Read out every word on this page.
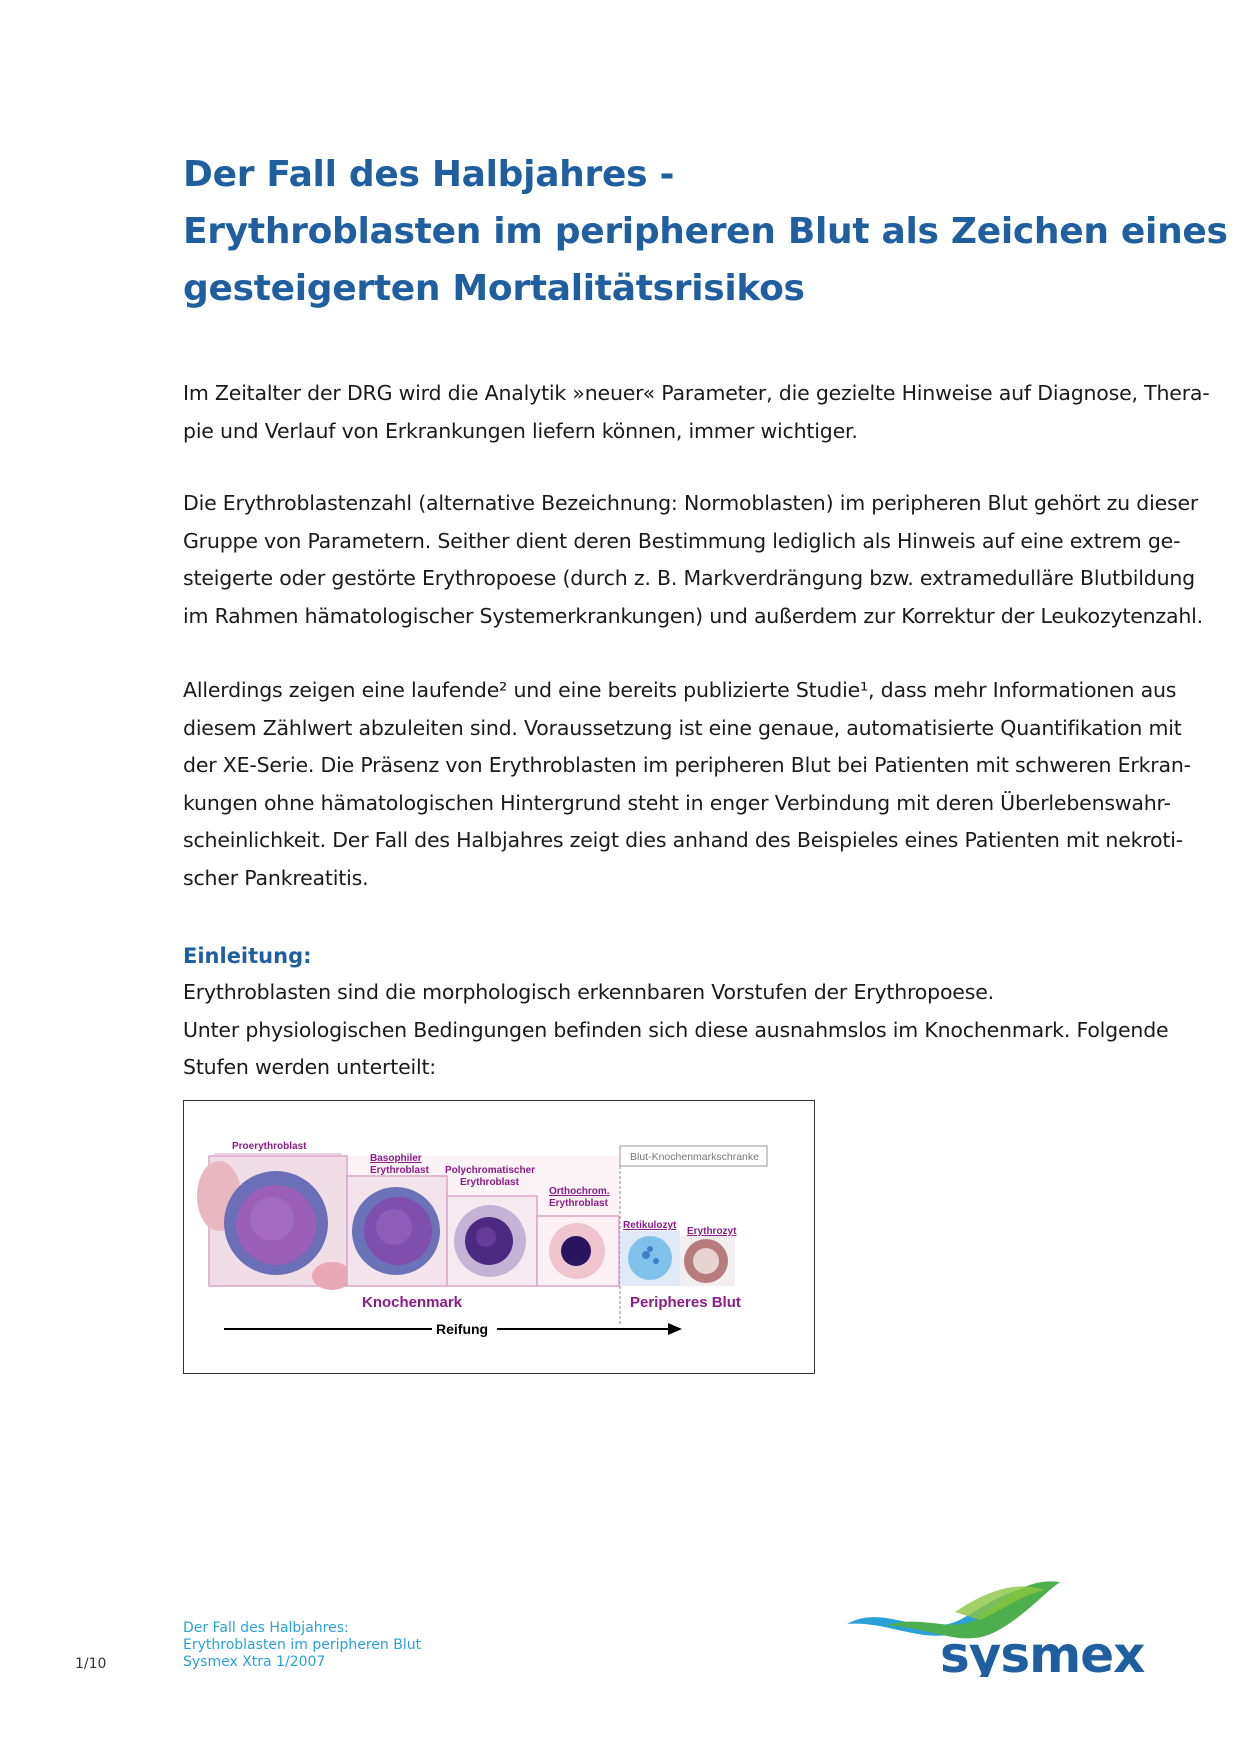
Der Fall des Halbjahres -
Erythroblasten im peripheren Blut als Zeichen eines
gesteigerten Mortalitätsrisikos

Im Zeitalter der DRG wird die Analytik »neuer« Parameter, die gezielte Hinweise auf Diagnose, Thera-
pie und Verlauf von Erkrankungen liefern können, immer wichtiger.

Die Erythroblastenzahl (alternative Bezeichnung: Normoblasten) im peripheren Blut gehört zu dieser
Gruppe von Parametern. Seither dient deren Bestimmung lediglich als Hinweis auf eine extrem ge-
steigerte oder gestörte Erythropoese (durch z. B. Markverdrängung bzw. extramedulläre Blutbildung
im Rahmen hämatologischer Systemerkrankungen) und außerdem zur Korrektur der Leukozytenzahl.

Allerdings zeigen eine laufende² und eine bereits publizierte Studie¹, dass mehr Informationen aus
diesem Zählwert abzuleiten sind. Voraussetzung ist eine genaue, automatisierte Quantifikation mit
der XE-Serie. Die Präsenz von Erythroblasten im peripheren Blut bei Patienten mit schweren Erkran-
kungen ohne hämatologischen Hintergrund steht in enger Verbindung mit deren Überlebenswahr-
scheinlichkeit. Der Fall des Halbjahres zeigt dies anhand des Beispieles eines Patienten mit nekroti-
scher Pankreatitis.

Einleitung:

Erythroblasten sind die morphologisch erkennbaren Vorstufen der Erythropoese.
Unter physiologischen Bedingungen befinden sich diese ausnahmslos im Knochenmark. Folgende
Stufen werden unterteilt:

Blut-Knochenmarkschranke
Proerythroblast
Basophiler
Erythroblast Polychromatischer
Erythroblast
Orthochrom.
Erythroblast
Retikulozyt
Erythrozyt
Knochenmark	Peripheres Blut
Reifung
Der Fall des Halbjahres:
Erythroblasten im peripheren Blut
Sysmex Xtra 1/2007
1/10	sysmex
